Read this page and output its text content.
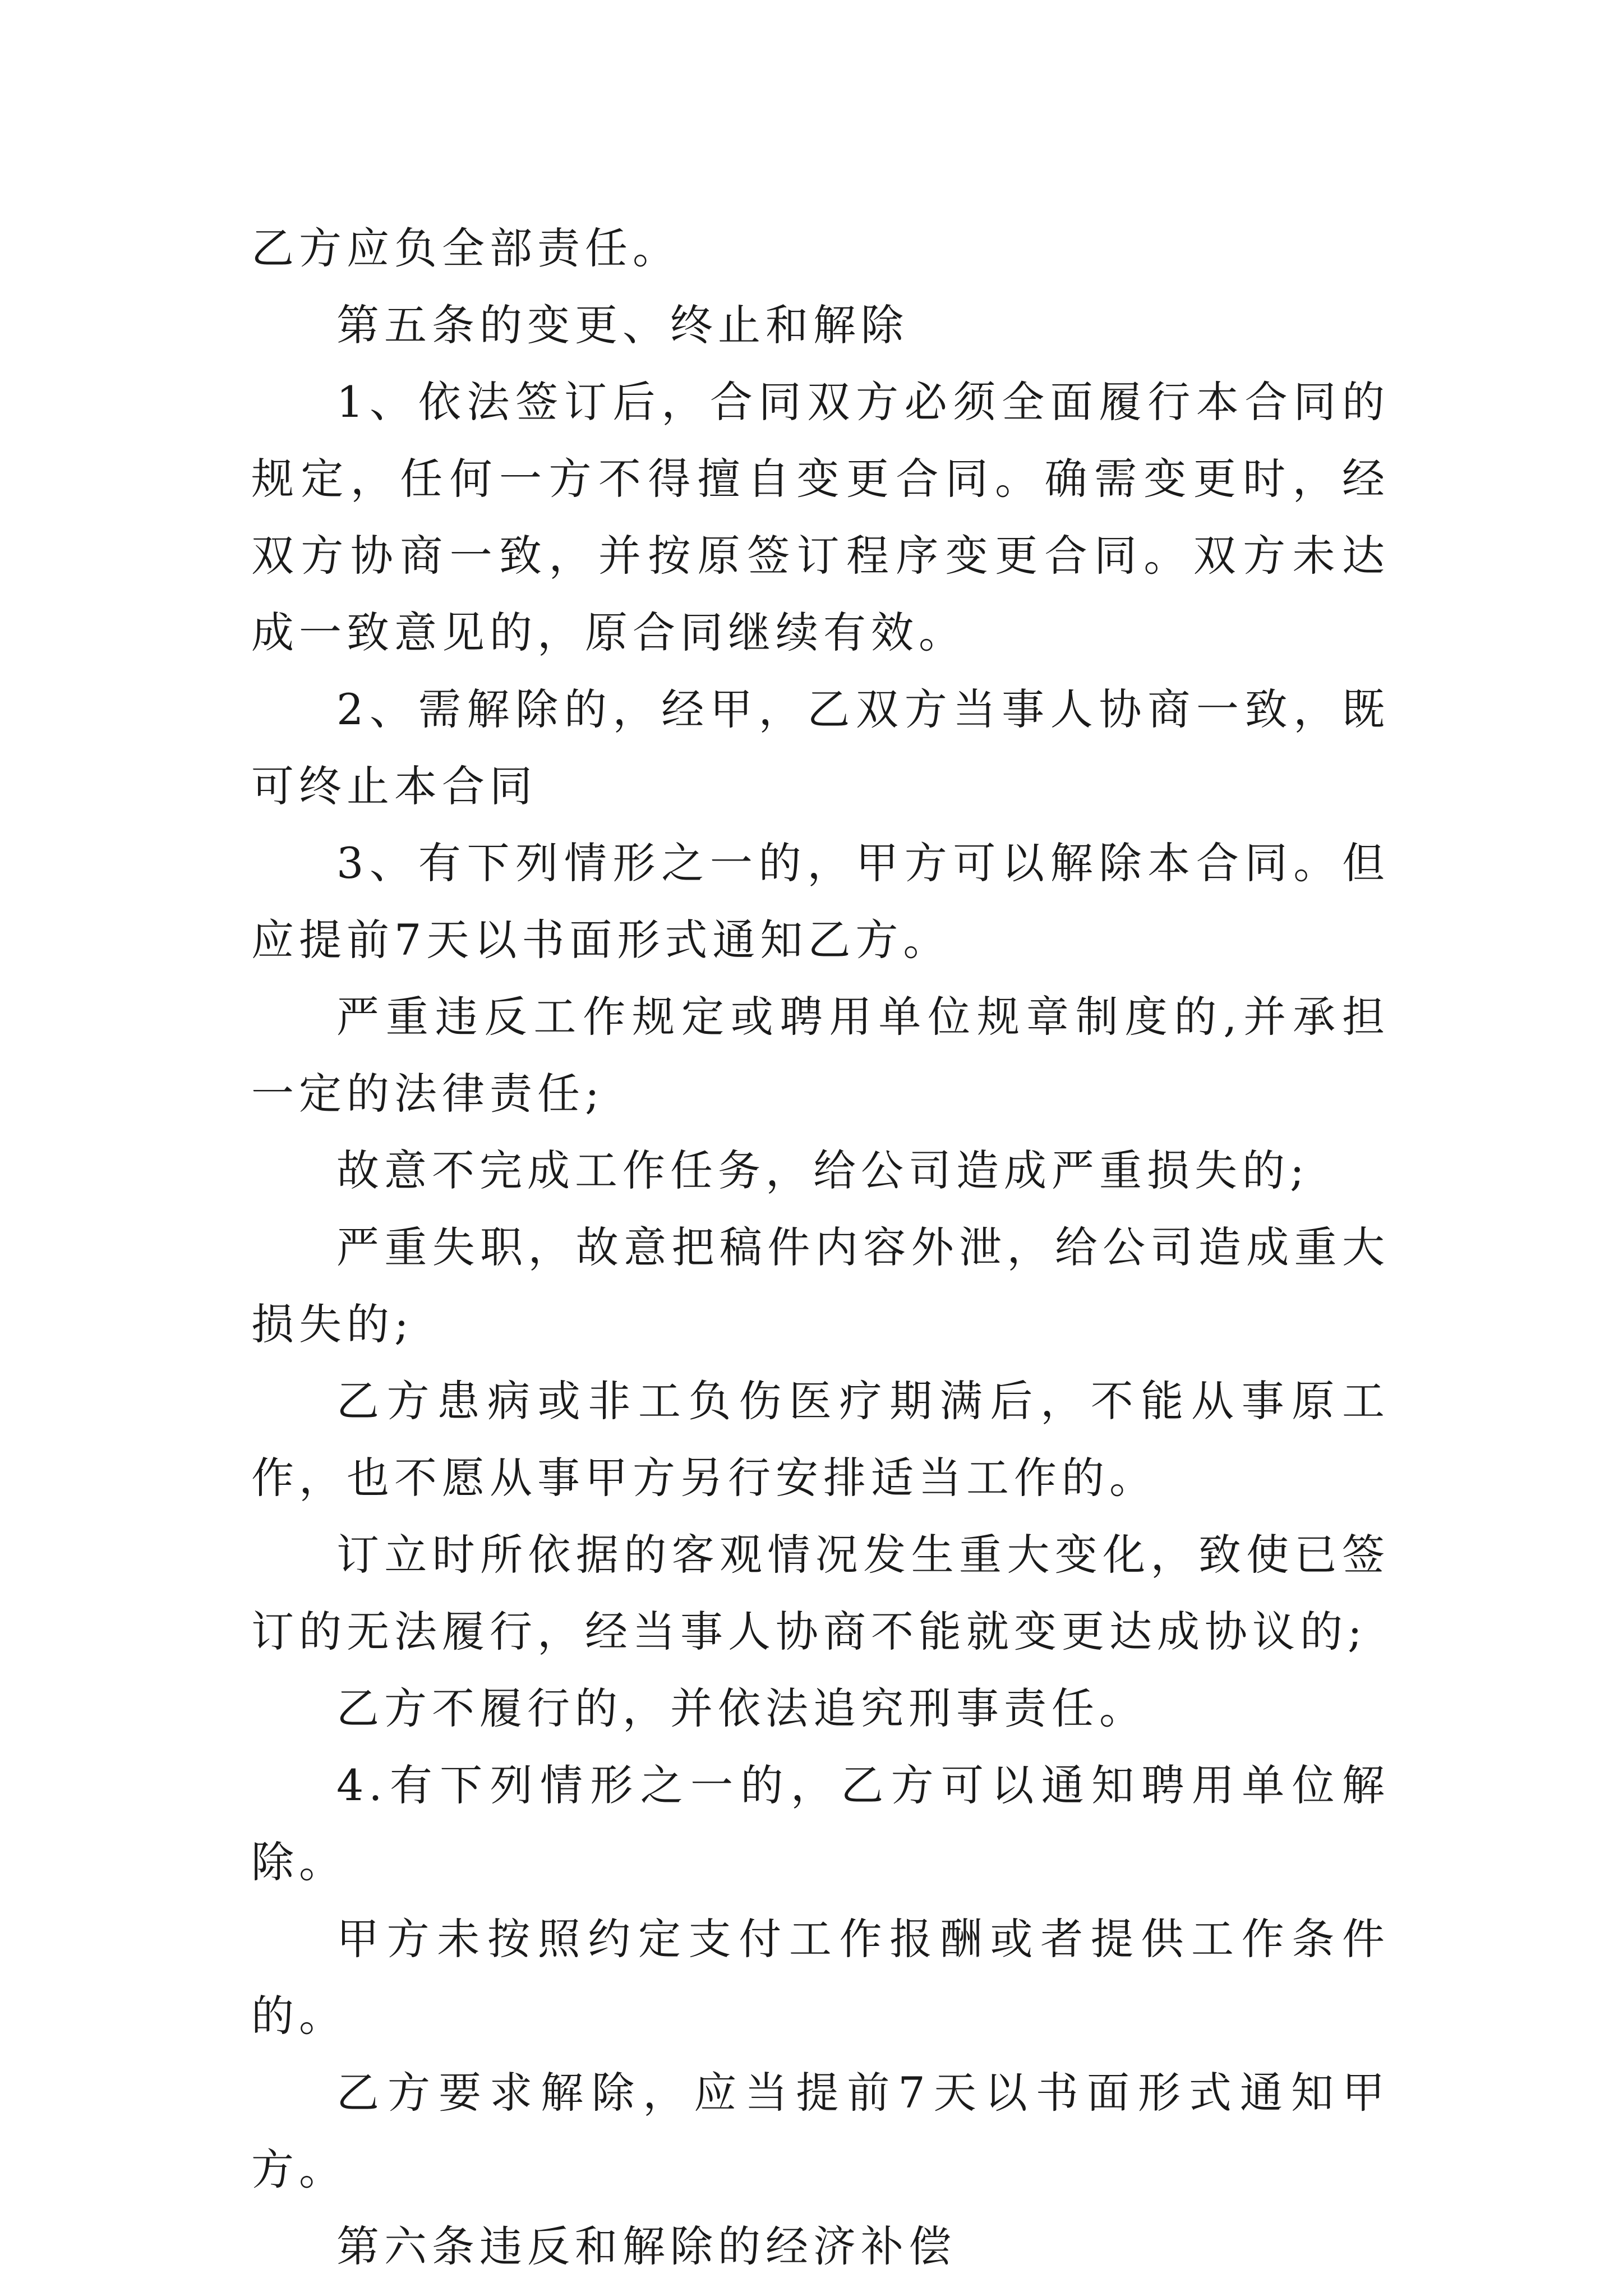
乙方应负全部责任。

第五条的变更、终止和解除

1、依法签订后，合同双方必须全面履行本合同的规定，任何一方不得擅自变更合同。确需变更时，经双方协商一致，并按原签订程序变更合同。双方未达成一致意见的，原合同继续有效。

2、需解除的，经甲，乙双方当事人协商一致，既可终止本合同

3、有下列情形之一的，甲方可以解除本合同。但应提前7天以书面形式通知乙方。

严重违反工作规定或聘用单位规章制度的,并承担一定的法律责任;

故意不完成工作任务，给公司造成严重损失的;

严重失职，故意把稿件内容外泄，给公司造成重大损失的;

乙方患病或非工负伤医疗期满后，不能从事原工作，也不愿从事甲方另行安排适当工作的。

订立时所依据的客观情况发生重大变化，致使已签订的无法履行，经当事人协商不能就变更达成协议的;

乙方不履行的，并依法追究刑事责任。

4.有下列情形之一的，乙方可以通知聘用单位解除。

甲方未按照约定支付工作报酬或者提供工作条件的。

乙方要求解除，应当提前7天以书面形式通知甲方。

第六条违反和解除的经济补偿
